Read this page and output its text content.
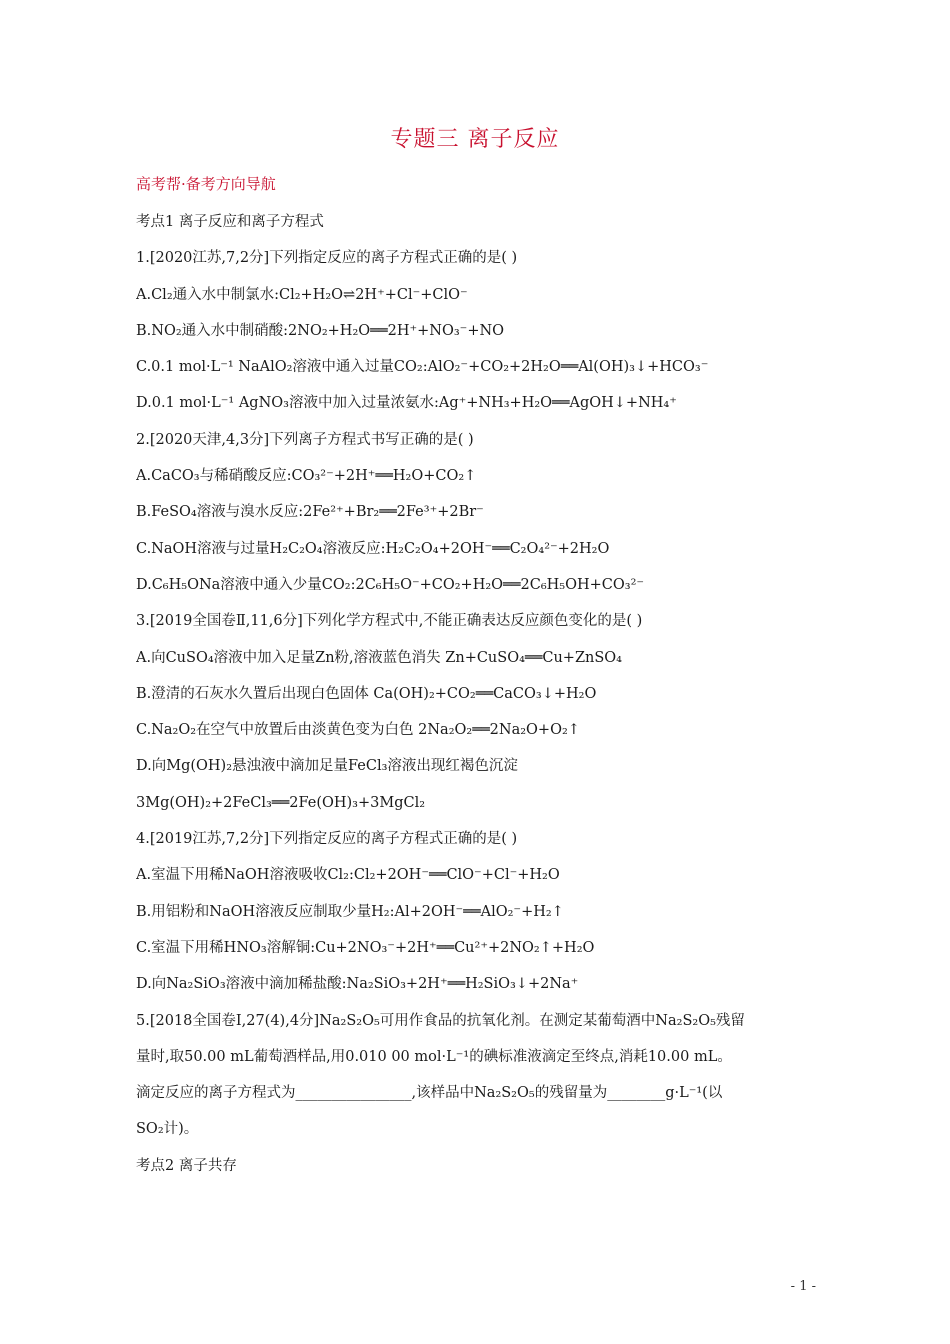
专题三 离子反应
高考帮·备考方向导航
考点1 离子反应和离子方程式
1.[2020江苏,7,2分]下列指定反应的离子方程式正确的是( )
A.Cl₂通入水中制氯水:Cl₂+H₂O⇌2H⁺+Cl⁻+ClO⁻
B.NO₂通入水中制硝酸:2NO₂+H₂O══2H⁺+NO₃⁻+NO
C.0.1 mol·L⁻¹ NaAlO₂溶液中通入过量CO₂:AlO₂⁻+CO₂+2H₂O══Al(OH)₃↓+HCO₃⁻
D.0.1 mol·L⁻¹ AgNO₃溶液中加入过量浓氨水:Ag⁺+NH₃+H₂O══AgOH↓+NH₄⁺
2.[2020天津,4,3分]下列离子方程式书写正确的是( )
A.CaCO₃与稀硝酸反应:CO₃²⁻+2H⁺══H₂O+CO₂↑
B.FeSO₄溶液与溴水反应:2Fe²⁺+Br₂══2Fe³⁺+2Br⁻
C.NaOH溶液与过量H₂C₂O₄溶液反应:H₂C₂O₄+2OH⁻══C₂O₄²⁻+2H₂O
D.C₆H₅ONa溶液中通入少量CO₂:2C₆H₅O⁻+CO₂+H₂O══2C₆H₅OH+CO₃²⁻
3.[2019全国卷Ⅱ,11,6分]下列化学方程式中,不能正确表达反应颜色变化的是( )
A.向CuSO₄溶液中加入足量Zn粉,溶液蓝色消失 Zn+CuSO₄══Cu+ZnSO₄
B.澄清的石灰水久置后出现白色固体 Ca(OH)₂+CO₂══CaCO₃↓+H₂O
C.Na₂O₂在空气中放置后由淡黄色变为白色 2Na₂O₂══2Na₂O+O₂↑
D.向Mg(OH)₂悬浊液中滴加足量FeCl₃溶液出现红褐色沉淀
3Mg(OH)₂+2FeCl₃══2Fe(OH)₃+3MgCl₂
4.[2019江苏,7,2分]下列指定反应的离子方程式正确的是( )
A.室温下用稀NaOH溶液吸收Cl₂:Cl₂+2OH⁻══ClO⁻+Cl⁻+H₂O
B.用铝粉和NaOH溶液反应制取少量H₂:Al+2OH⁻══AlO₂⁻+H₂↑
C.室温下用稀HNO₃溶解铜:Cu+2NO₃⁻+2H⁺══Cu²⁺+2NO₂↑+H₂O
D.向Na₂SiO₃溶液中滴加稀盐酸:Na₂SiO₃+2H⁺══H₂SiO₃↓+2Na⁺
5.[2018全国卷Ⅰ,27(4),4分]Na₂S₂O₅可用作食品的抗氧化剂。在测定某葡萄酒中Na₂S₂O₅残留
量时,取50.00 mL葡萄酒样品,用0.010 00 mol·L⁻¹的碘标准液滴定至终点,消耗10.00 mL。
滴定反应的离子方程式为________________,该样品中Na₂S₂O₅的残留量为________g·L⁻¹(以
SO₂计)。
考点2 离子共存
- 1 -
